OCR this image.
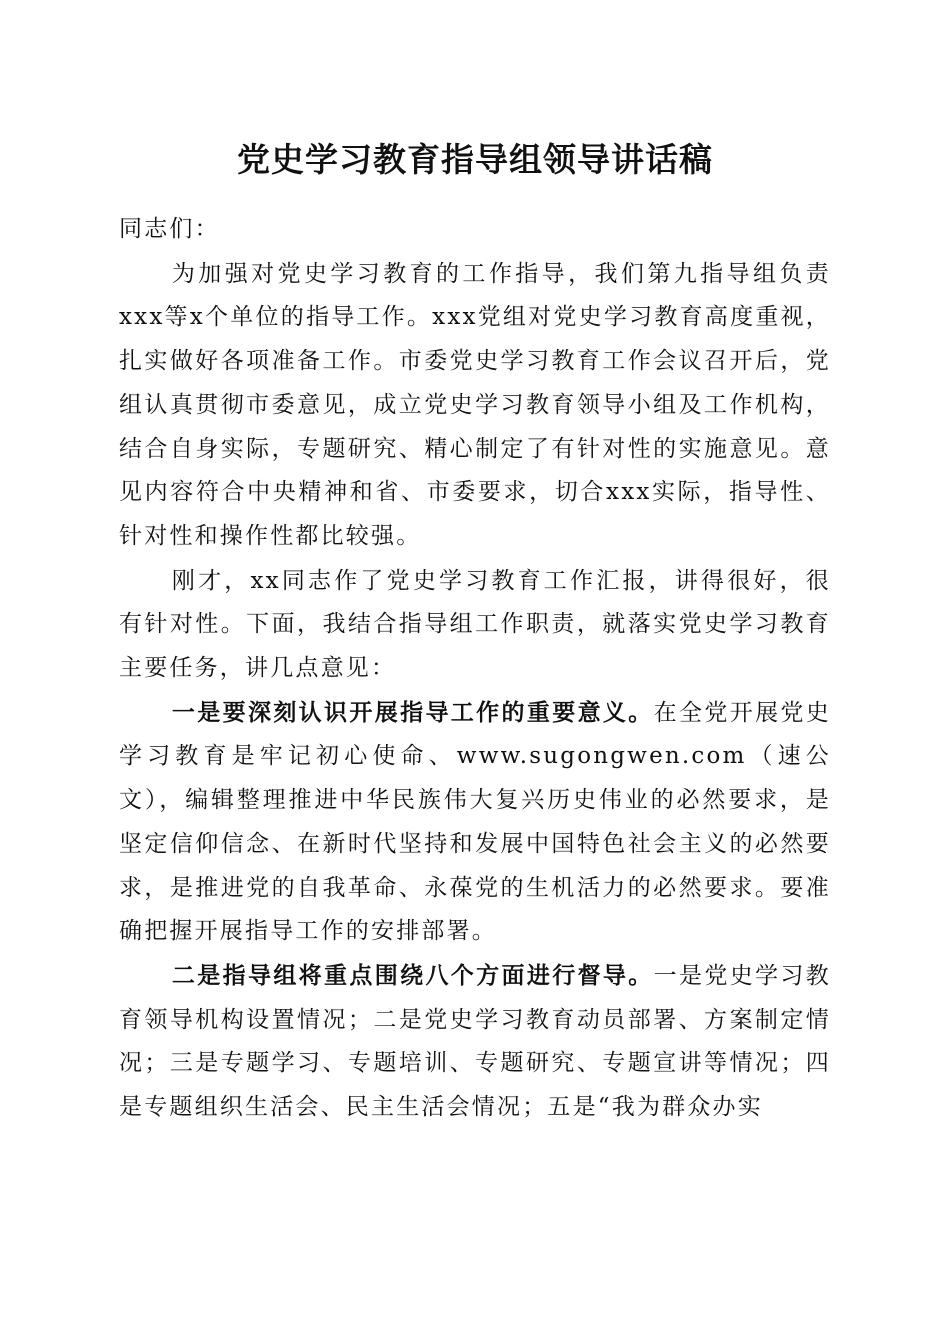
党史学习教育指导组领导讲话稿

同志们：

为加强对党史学习教育的工作指导，我们第九指导组负责xxx等x个单位的指导工作。xxx党组对党史学习教育高度重视，扎实做好各项准备工作。市委党史学习教育工作会议召开后，党组认真贯彻市委意见，成立党史学习教育领导小组及工作机构，结合自身实际，专题研究、精心制定了有针对性的实施意见。意见内容符合中央精神和省、市委要求，切合xxx实际，指导性、针对性和操作性都比较强。

刚才，xx同志作了党史学习教育工作汇报，讲得很好，很有针对性。下面，我结合指导组工作职责，就落实党史学习教育主要任务，讲几点意见：

一是要深刻认识开展指导工作的重要意义。在全党开展党史学习教育是牢记初心使命、www.sugongwen.com（速公文），编辑整理推进中华民族伟大复兴历史伟业的必然要求，是坚定信仰信念、在新时代坚持和发展中国特色社会主义的必然要求，是推进党的自我革命、永葆党的生机活力的必然要求。要准确把握开展指导工作的安排部署。

二是指导组将重点围绕八个方面进行督导。一是党史学习教育领导机构设置情况；二是党史学习教育动员部署、方案制定情况；三是专题学习、专题培训、专题研究、专题宣讲等情况；四是专题组织生活会、民主生活会情况；五是“我为群众办实
